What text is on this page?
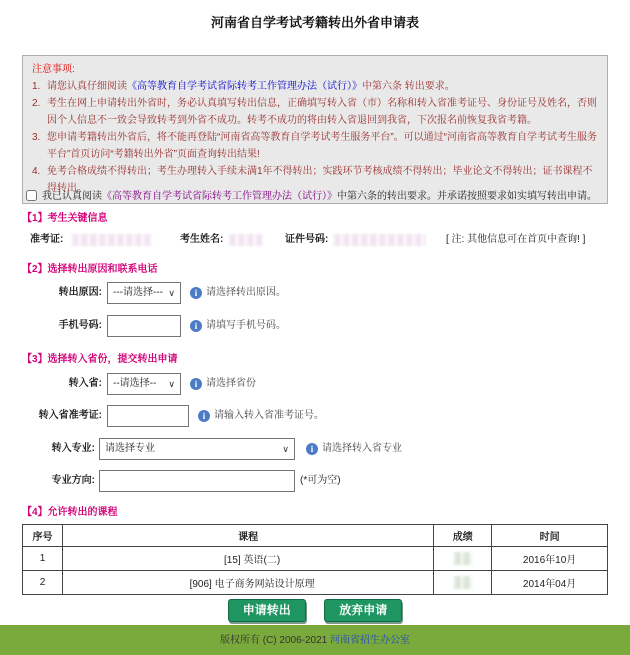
河南省自学考试考籍转出外省申请表
注意事项:
1. 请您认真仔细阅读《高等教育自学考试省际转考工作管理办法（试行）》中第六条 转出要求。
2. 考生在网上申请转出外省时，务必认真填写转出信息，正确填写转入省（市）名称和转入省准考证号、身份证号及姓名，否则因个人信息不一致会导致转考到外省不成功。转考不成功的将由转入省退回到我省，下次报名前恢复我省考籍。
3. 您申请考籍转出外省后，将不能再登陆“河南省高等教育自学考试考生服务平台”。可以通过“河南省高等教育自学考试考生服务平台”首页访问“考籍转出外省”页面查询转出结果!
4. 免考合格成绩不得转出；考生办理转入手续未满1年不得转出；实践环节考核成绩不得转出；毕业论文不得转出；证书课程不得转出。
我已认真阅读《高等教育自学考试省际转考工作管理办法（试行）》中第六条的转出要求。并承诺按照要求如实填写转出申请。
【1】考生关键信息
准考证:	考生姓名:	证件号码:	[ 注: 其他信息可在首页中查询! ]
【2】选择转出原因和联系电话
转出原因: ---请选择--- ∨	i 请选择转出原因。
手机号码:	i 请填写手机号码。
【3】选择转入省份，提交转出申请
转入省: --请选择-- ∨	i 请选择省份
转入省准考证:	i 请输入转入省准考证号。
转入专业: 请选择专业	∨	i 请选择转入省专业
专业方向:	(*可为空)
【4】允许转出的课程
序号	课程	成绩	时间
1	[15] 英语(二)		2016年10月
2	[906] 电子商务网站设计原理		2014年04月
申请转出	放弃申请
版权所有 (C) 2006-2021 河南省招生办公室
